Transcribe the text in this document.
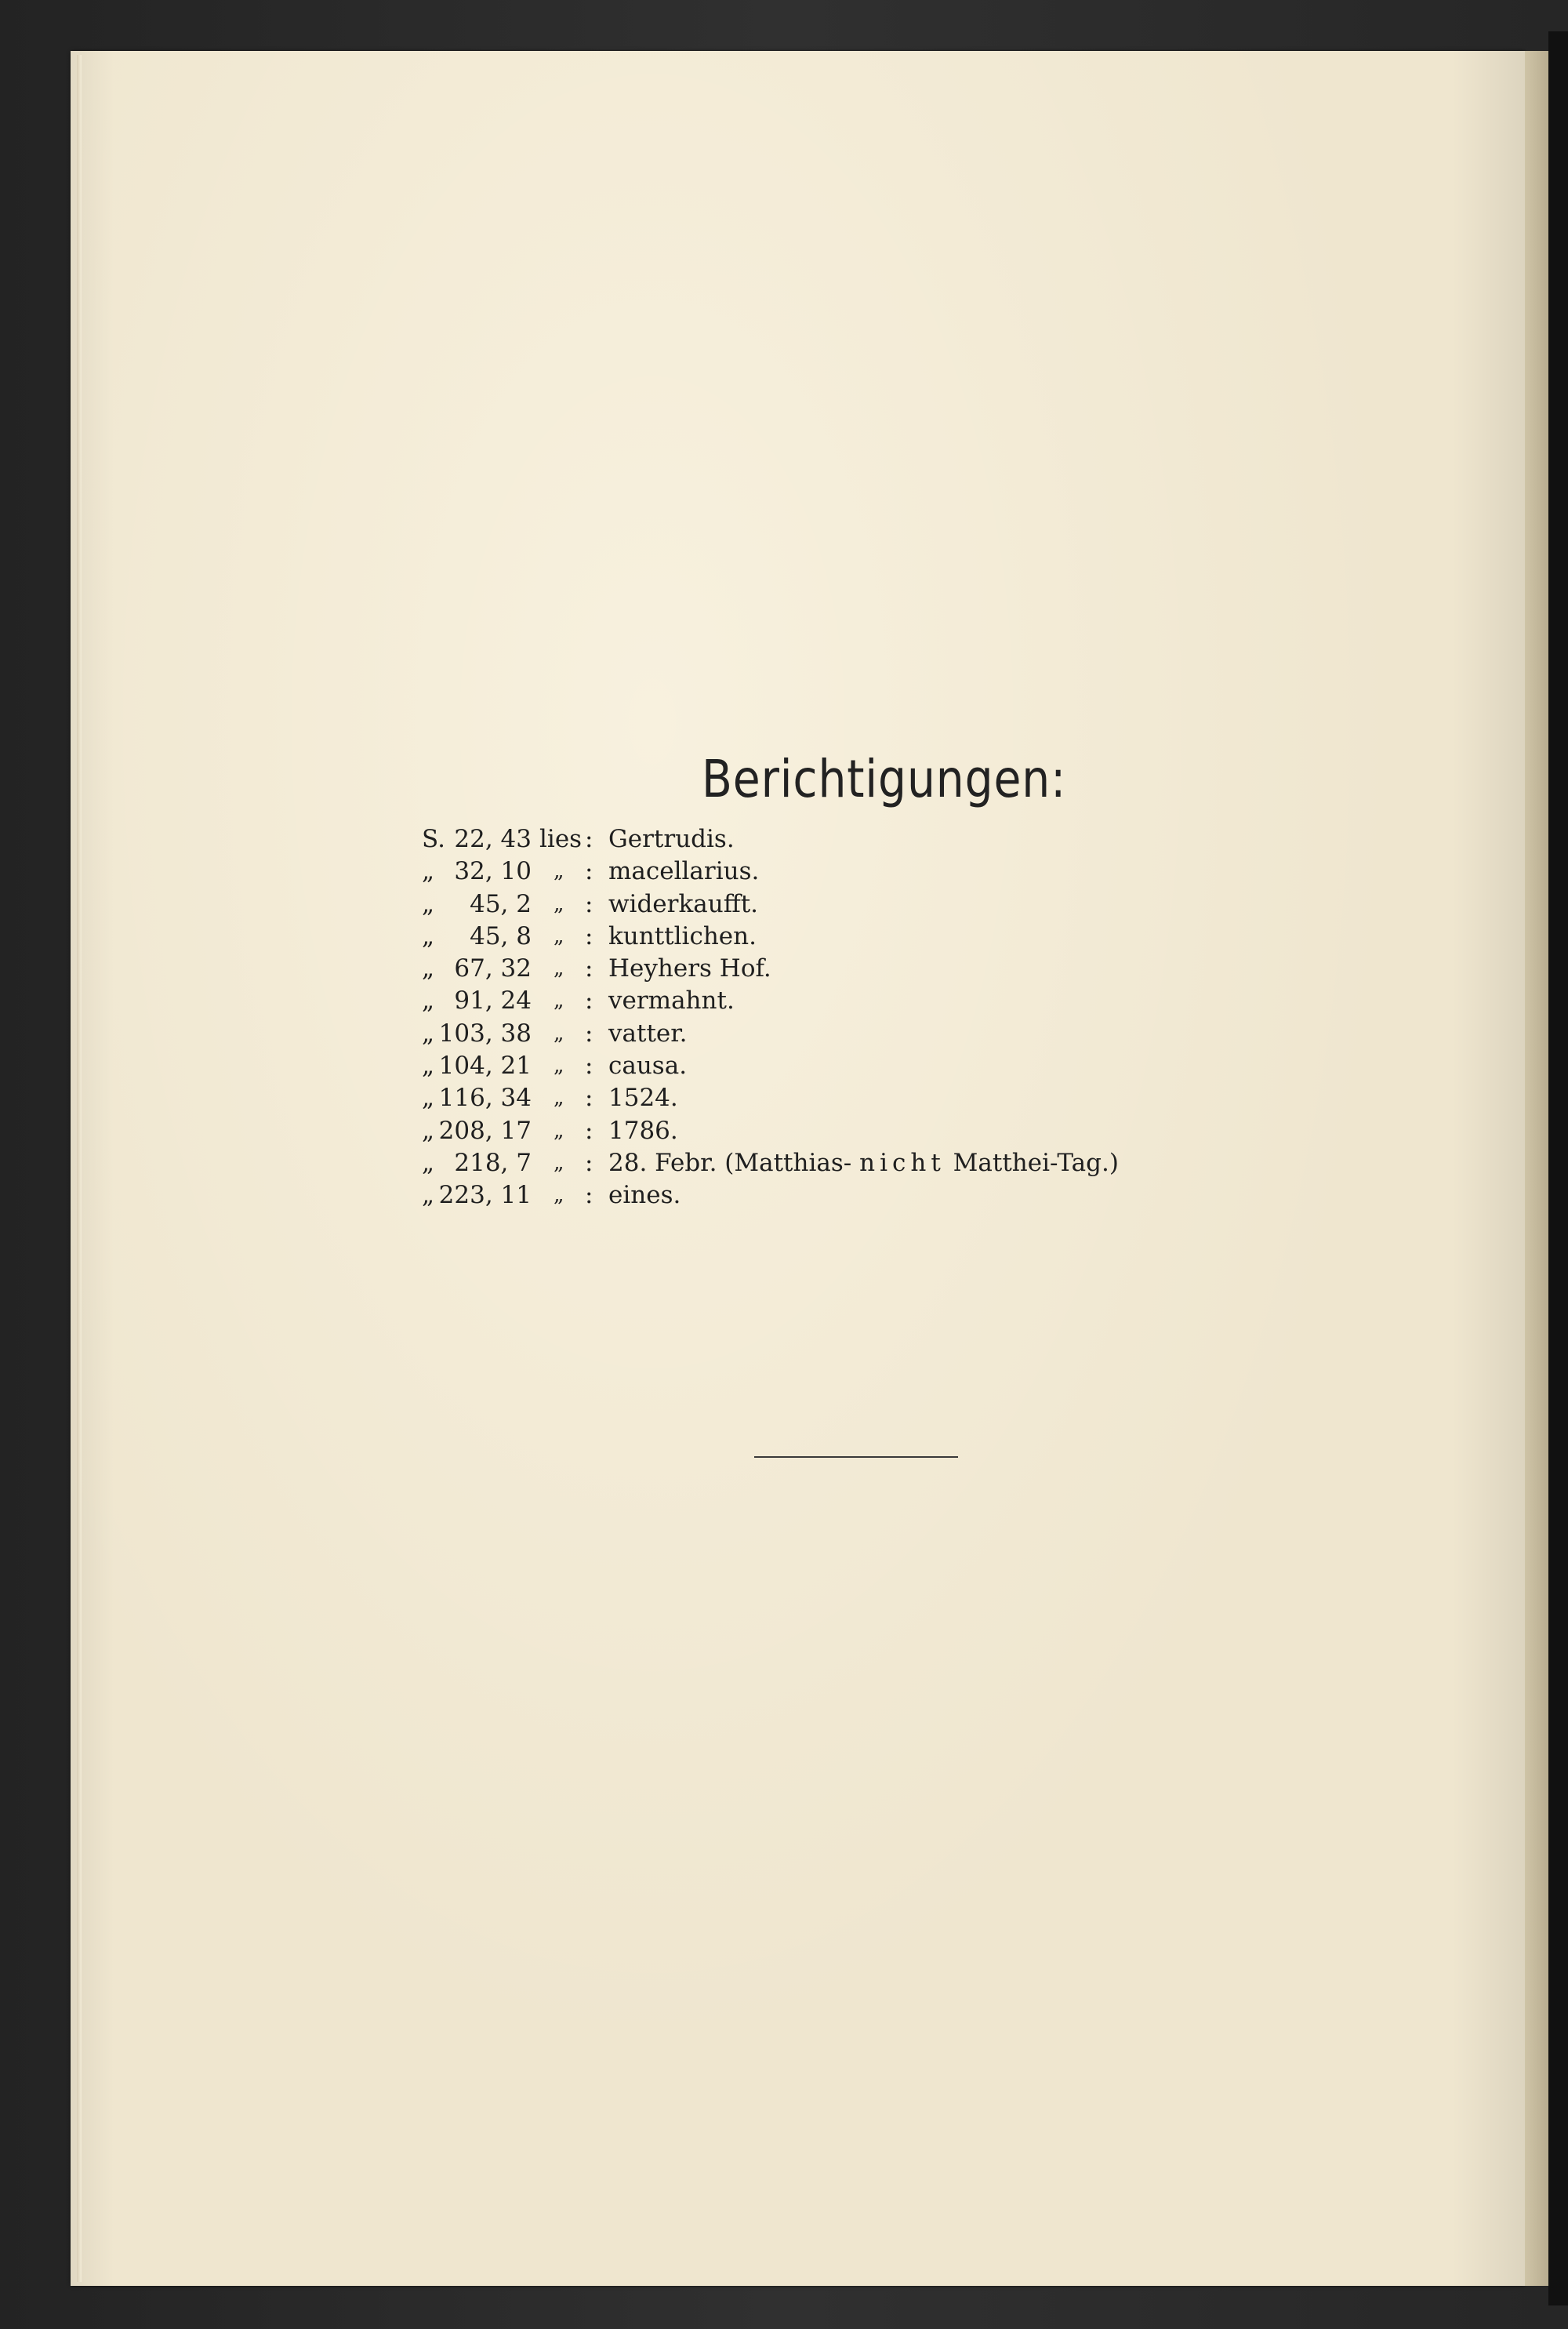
Berichtigungen:
S. 22, 43 lies : Gertrudis.
„ 32, 10 „ : macellarius.
„	45, 2 „ : widerkaufft.
„	45, 8 „ : kunttlichen.
„ 67, 32 „ : Heyhers Hof.
„ 91, 24 „ : vermahnt.
„ 103, 38 „ : vatter.
„ 104, 21 „ : causa.
„ 116, 34 „ : 1524.
„ 208, 17 „ : 1786.
„ 218, 7 „ : 28. Febr. (Matthias- nicht Matthei-Tag.)
„ 223, 11 „ : eines.
